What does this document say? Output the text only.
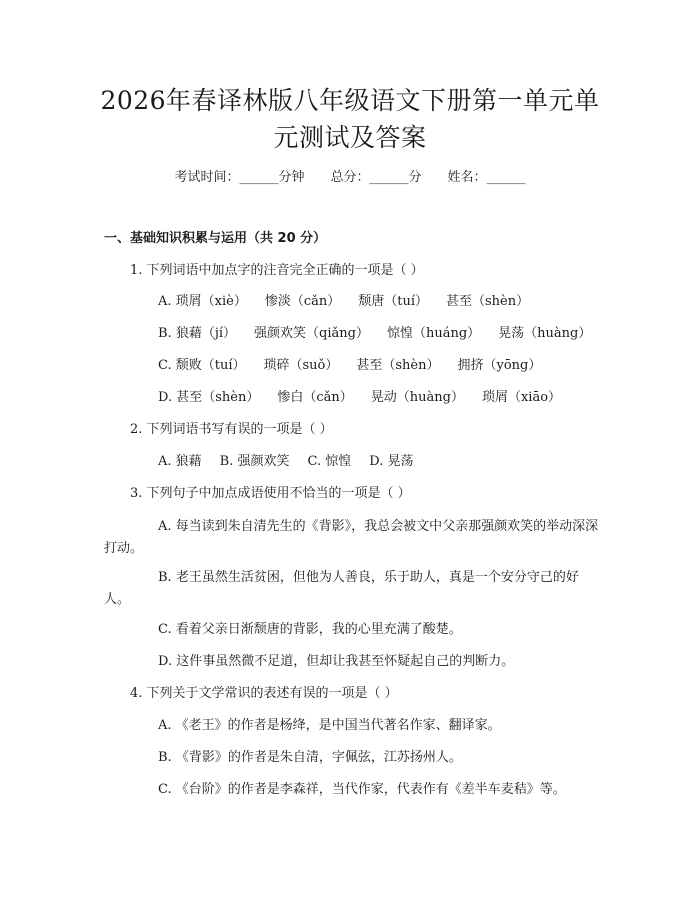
2026年春译林版八年级语文下册第一单元单
元测试及答案
考试时间：______分钟 总分：______分 姓名：______
一、基础知识积累与运用（共 20 分）
1. 下列词语中加点字的注音完全正确的一项是（ ）
A. 琐屑（xiè） 惨淡（cǎn） 颓唐（tuí） 甚至（shèn）
B. 狼藉（jí） 强颜欢笑（qiǎng） 惊惶（huáng） 晃荡（huàng）
C. 颓败（tuí） 琐碎（suǒ） 甚至（shèn） 拥挤（yōng）
D. 甚至（shèn） 惨白（cǎn） 晃动（huàng） 琐屑（xiāo）
2. 下列词语书写有误的一项是（ ）
A. 狼藉 B. 强颜欢笑 C. 惊惶 D. 晃荡
3. 下列句子中加点成语使用不恰当的一项是（ ）
A. 每当读到朱自清先生的《背影》，我总会被文中父亲那强颜欢笑的举动深深打动。
B. 老王虽然生活贫困，但他为人善良，乐于助人，真是一个安分守己的好人。
C. 看着父亲日渐颓唐的背影，我的心里充满了酸楚。
D. 这件事虽然微不足道，但却让我甚至怀疑起自己的判断力。
4. 下列关于文学常识的表述有误的一项是（ ）
A. 《老王》的作者是杨绛，是中国当代著名作家、翻译家。
B. 《背影》的作者是朱自清，字佩弦，江苏扬州人。
C. 《台阶》的作者是李森祥，当代作家，代表作有《差半车麦秸》等。
